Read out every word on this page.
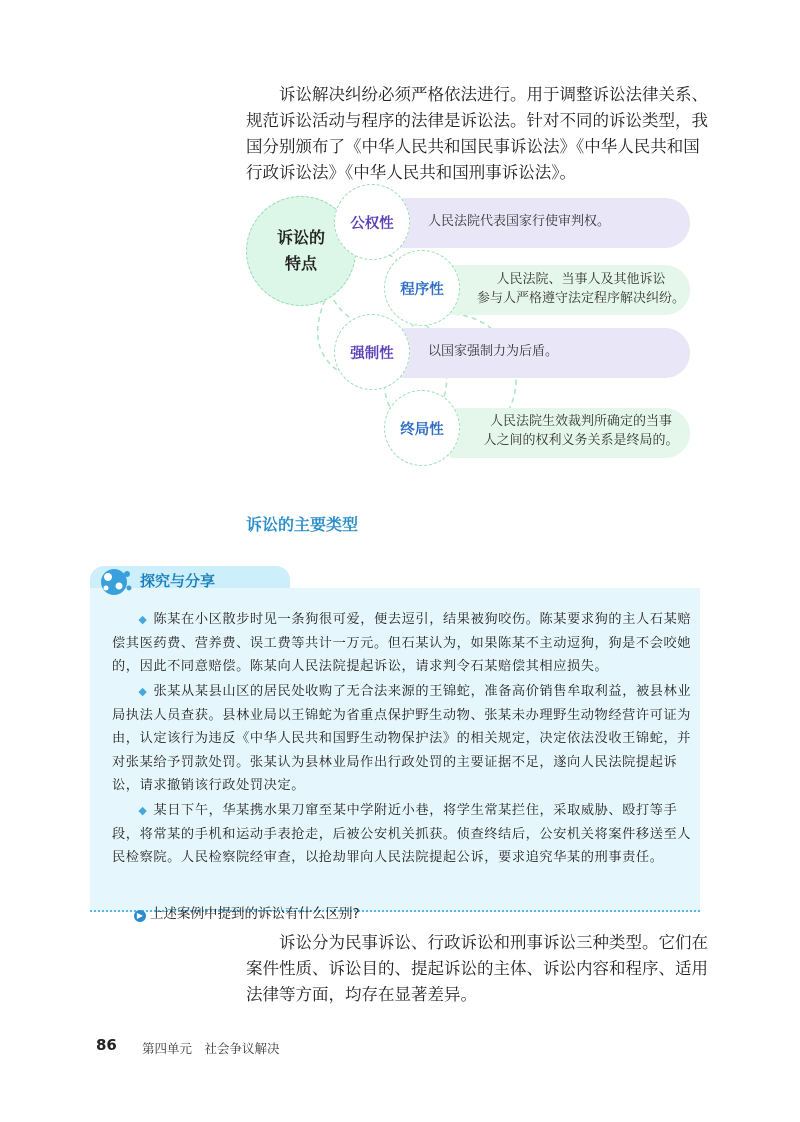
诉讼解决纠纷必须严格依法进行。用于调整诉讼法律关系、规范诉讼活动与程序的法律是诉讼法。针对不同的诉讼类型，我国分别颁布了《中华人民共和国民事诉讼法》《中华人民共和国行政诉讼法》《中华人民共和国刑事诉讼法》。

人民法院代表国家行使审判权。
人民法院、当事人及其他诉讼
参与人严格遵守法定程序解决纠纷。
以国家强制力为后盾。
人民法院生效裁判所确定的当事
人之间的权利义务关系是终局的。
诉讼的
特点
公权性
程序性
强制性
终局性
诉讼的主要类型

◆ 陈某在小区散步时见一条狗很可爱，便去逗引，结果被狗咬伤。陈某要求狗的主人石某赔偿其医药费、营养费、误工费等共计一万元。但石某认为，如果陈某不主动逗狗，狗是不会咬她的，因此不同意赔偿。陈某向人民法院提起诉讼，请求判令石某赔偿其相应损失。

◆ 张某从某县山区的居民处收购了无合法来源的王锦蛇，准备高价销售牟取利益，被县林业局执法人员查获。县林业局以王锦蛇为省重点保护野生动物、张某未办理野生动物经营许可证为由，认定该行为违反《中华人民共和国野生动物保护法》的相关规定，决定依法没收王锦蛇，并对张某给予罚款处罚。张某认为县林业局作出行政处罚的主要证据不足，遂向人民法院提起诉讼，请求撤销该行政处罚决定。

◆ 某日下午，华某携水果刀窜至某中学附近小巷，将学生常某拦住，采取威胁、殴打等手段，将常某的手机和运动手表抢走，后被公安机关抓获。侦查终结后，公安机关将案件移送至人民检察院。人民检察院经审查，以抢劫罪向人民法院提起公诉，要求追究华某的刑事责任。

▶ 上述案例中提到的诉讼有什么区别?
探究与分享

诉讼分为民事诉讼、行政诉讼和刑事诉讼三种类型。它们在案件性质、诉讼目的、提起诉讼的主体、诉讼内容和程序、适用法律等方面，均存在显著差异。

86 第四单元　社会争议解决
